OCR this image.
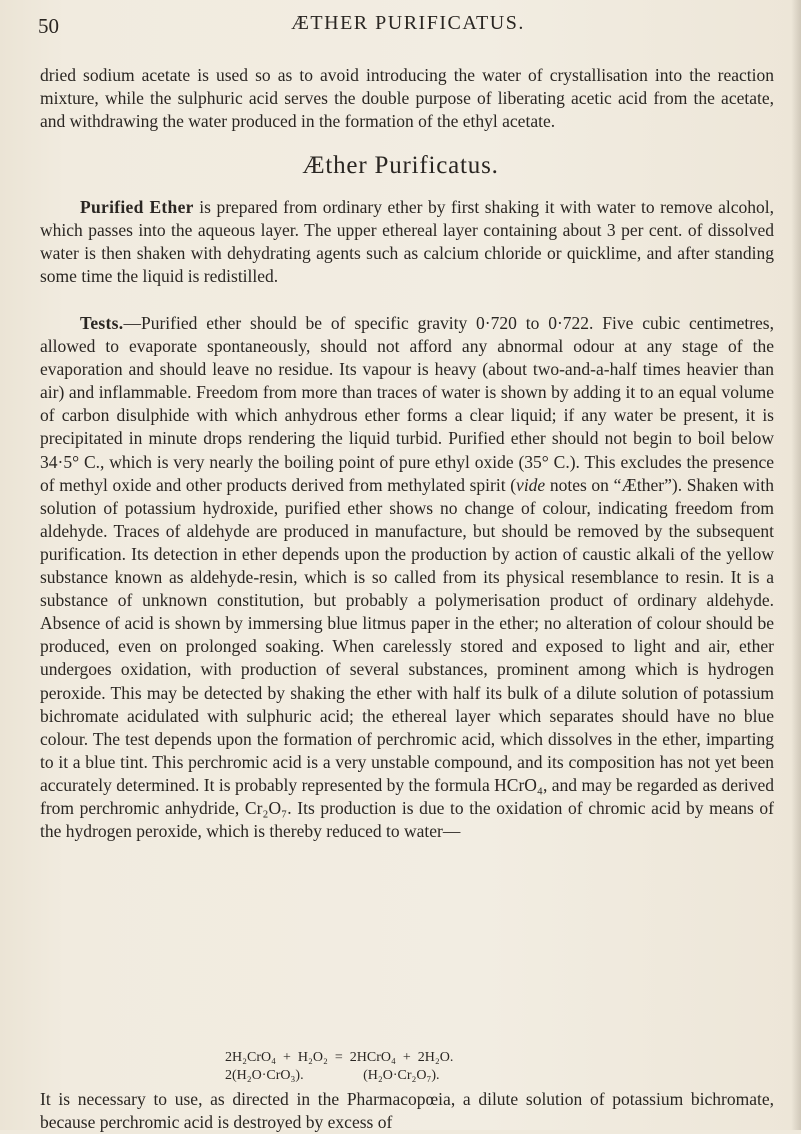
50	ÆTHER PURIFICATUS.
dried sodium acetate is used so as to avoid introducing the water of crystallisation into the reaction mixture, while the sulphuric acid serves the double purpose of liberating acetic acid from the acetate, and withdrawing the water produced in the formation of the ethyl acetate.
Æther Purificatus.
Purified Ether is prepared from ordinary ether by first shaking it with water to remove alcohol, which passes into the aqueous layer. The upper ethereal layer containing about 3 per cent. of dissolved water is then shaken with dehydrating agents such as calcium chloride or quicklime, and after standing some time the liquid is redistilled.
Tests.—Purified ether should be of specific gravity 0·720 to 0·722. Five cubic centimetres, allowed to evaporate spontaneously, should not afford any abnormal odour at any stage of the evaporation and should leave no residue. Its vapour is heavy (about two-and-a-half times heavier than air) and inflammable. Freedom from more than traces of water is shown by adding it to an equal volume of carbon disulphide with which anhydrous ether forms a clear liquid; if any water be present, it is precipitated in minute drops rendering the liquid turbid. Purified ether should not begin to boil below 34·5° C., which is very nearly the boiling point of pure ethyl oxide (35° C.). This excludes the presence of methyl oxide and other products derived from methylated spirit (vide notes on “Æther”). Shaken with solution of potassium hydroxide, purified ether shows no change of colour, indicating freedom from aldehyde. Traces of aldehyde are produced in manufacture, but should be removed by the subsequent purification. Its detection in ether depends upon the production by action of caustic alkali of the yellow substance known as aldehyde-resin, which is so called from its physical resemblance to resin. It is a substance of unknown constitution, but probably a polymerisation product of ordinary aldehyde. Absence of acid is shown by immersing blue litmus paper in the ether; no alteration of colour should be produced, even on prolonged soaking. When carelessly stored and exposed to light and air, ether undergoes oxidation, with production of several substances, prominent among which is hydrogen peroxide. This may be detected by shaking the ether with half its bulk of a dilute solution of potassium bichromate acidulated with sulphuric acid; the ethereal layer which separates should have no blue colour. The test depends upon the formation of perchromic acid, which dissolves in the ether, imparting to it a blue tint. This perchromic acid is a very unstable compound, and its composition has not yet been accurately determined. It is probably represented by the formula HCrO₄, and may be regarded as derived from perchromic anhydride, Cr₂O₇. Its production is due to the oxidation of chromic acid by means of the hydrogen peroxide, which is thereby reduced to water—
2H₂CrO₄  +  H₂O₂  =  2HCrO₄  +  2H₂O.
2(H₂O·CrO₃).                 (H₂O·Cr₂O₇).
It is necessary to use, as directed in the Pharmacopœia, a dilute solution of potassium bichromate, because perchromic acid is destroyed by excess of
